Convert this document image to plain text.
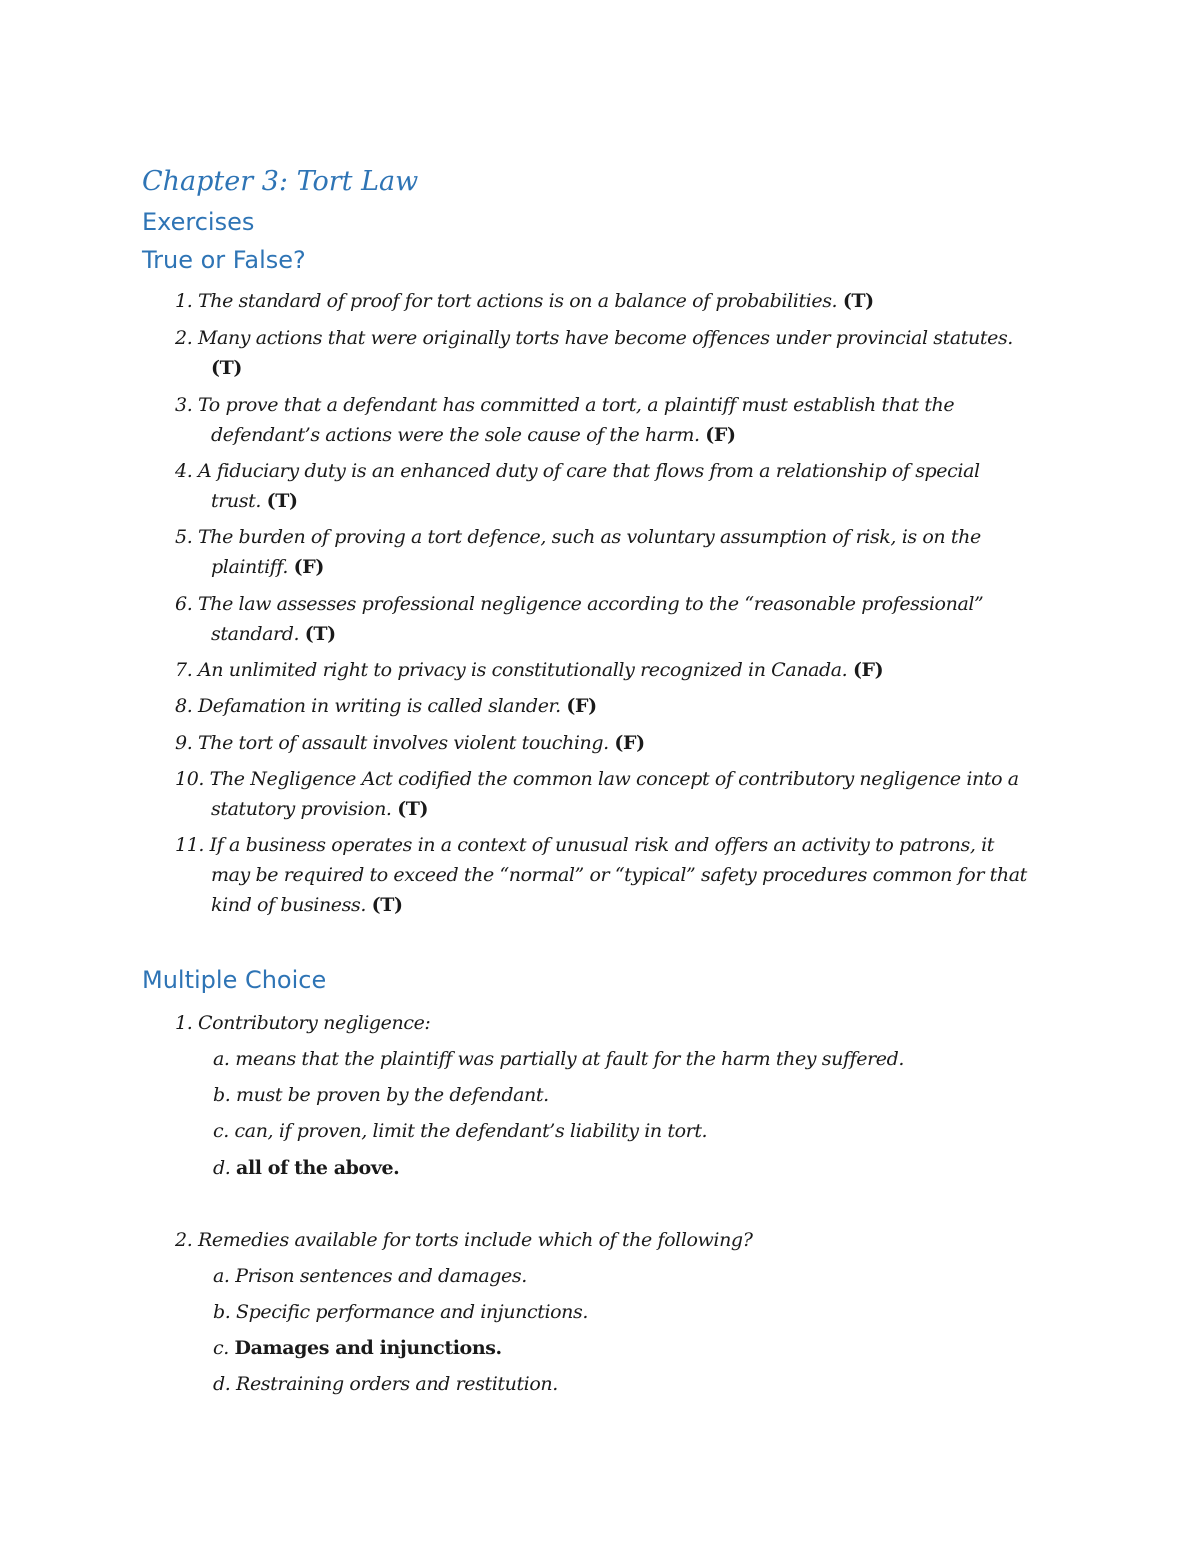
Chapter 3: Tort Law
Exercises
True or False?
1. The standard of proof for tort actions is on a balance of probabilities. (T)
2. Many actions that were originally torts have become offences under provincial statutes.
(T)
3. To prove that a defendant has committed a tort, a plaintiff must establish that the
defendant’s actions were the sole cause of the harm. (F)
4. A fiduciary duty is an enhanced duty of care that flows from a relationship of special
trust. (T)
5. The burden of proving a tort defence, such as voluntary assumption of risk, is on the
plaintiff. (F)
6. The law assesses professional negligence according to the “reasonable professional”
standard. (T)
7. An unlimited right to privacy is constitutionally recognized in Canada. (F)
8. Defamation in writing is called slander. (F)
9. The tort of assault involves violent touching. (F)
10. The Negligence Act codified the common law concept of contributory negligence into a
statutory provision. (T)
11. If a business operates in a context of unusual risk and offers an activity to patrons, it
may be required to exceed the “normal” or “typical” safety procedures common for that
kind of business. (T)
Multiple Choice
1. Contributory negligence:
a. means that the plaintiff was partially at fault for the harm they suffered.
b. must be proven by the defendant.
c. can, if proven, limit the defendant’s liability in tort.
d. all of the above.
2. Remedies available for torts include which of the following?
a. Prison sentences and damages.
b. Specific performance and injunctions.
c. Damages and injunctions.
d. Restraining orders and restitution.
